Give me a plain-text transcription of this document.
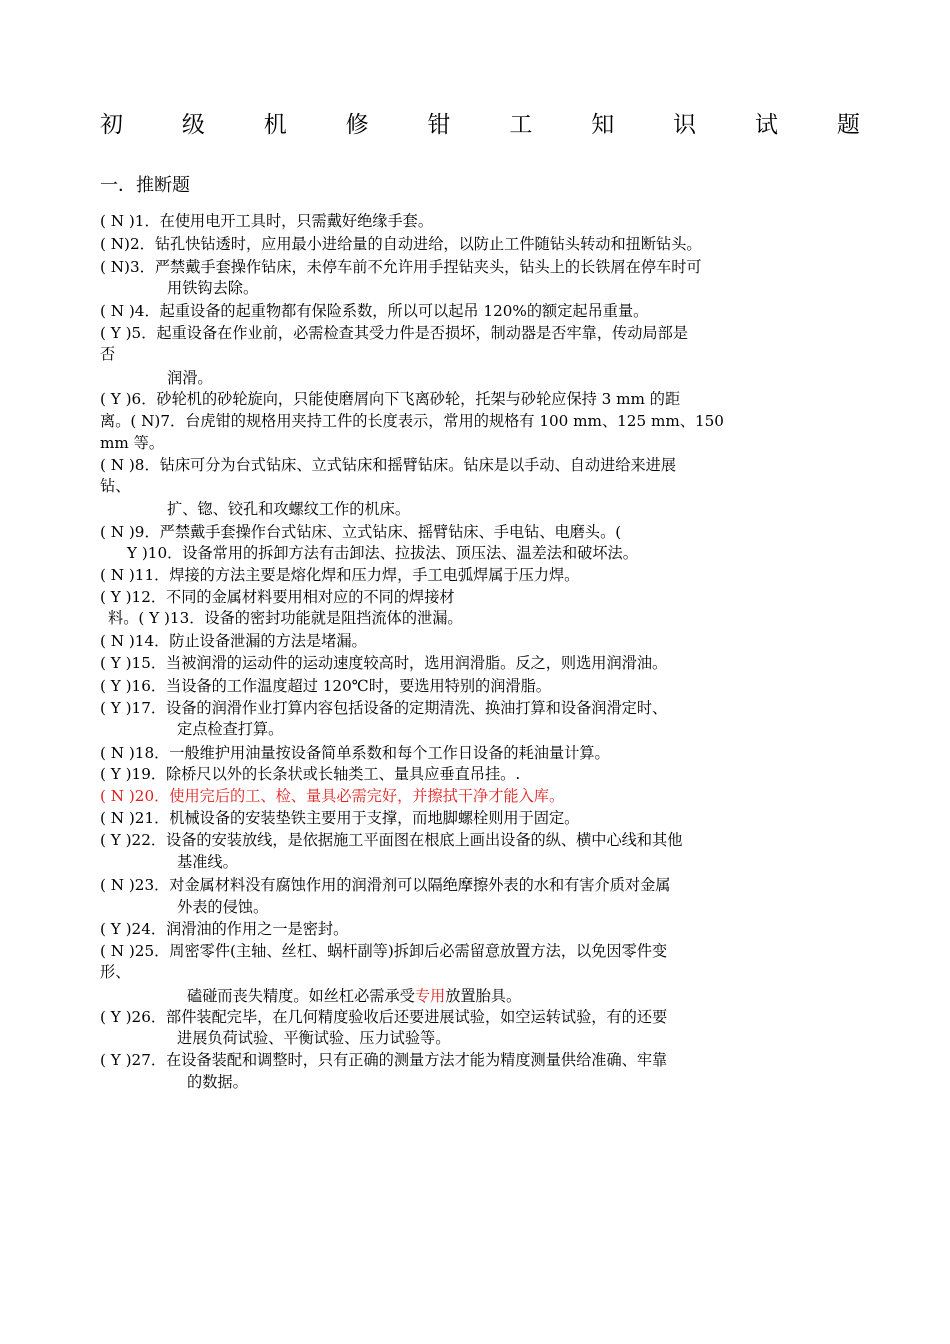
初	级	机	修	钳	工	知	识	试	题
一．推断题
( N )1．在使用电开工具时，只需戴好绝缘手套。
( N)2．钻孔快钻透时，应用最小进给量的自动进给，以防止工件随钻头转动和扭断钻头。
( N)3．严禁戴手套操作钻床，未停车前不允许用手捏钻夹头，钻头上的长铁屑在停车时可
用铁钩去除。
( N )4．起重设备的起重物都有保险系数，所以可以起吊 120%的额定起吊重量。
( Y )5．起重设备在作业前，必需检查其受力件是否损坏，制动器是否牢靠，传动局部是
否
润滑。
( Y )6．砂轮机的砂轮旋向，只能使磨屑向下飞离砂轮，托架与砂轮应保持 3 mm 的距
离。( N)7．台虎钳的规格用夹持工件的长度表示，常用的规格有 100 mm、125 mm、150
mm 等。
( N )8．钻床可分为台式钻床、立式钻床和摇臂钻床。钻床是以手动、自动进给来进展
钻、
扩、锪、铰孔和攻螺纹工作的机床。
( N )9．严禁戴手套操作台式钻床、立式钻床、摇臂钻床、手电钻、电磨头。(
Y )10．设备常用的拆卸方法有击卸法、拉拔法、顶压法、温差法和破坏法。
( N )11．焊接的方法主要是熔化焊和压力焊，手工电弧焊属于压力焊。
( Y )12．不同的金属材料要用相对应的不同的焊接材
料。( Y )13．设备的密封功能就是阻挡流体的泄漏。
( N )14．防止设备泄漏的方法是堵漏。
( Y )15．当被润滑的运动件的运动速度较高时，选用润滑脂。反之，则选用润滑油。
( Y )16．当设备的工作温度超过 120℃时，要选用特别的润滑脂。
( Y )17．设备的润滑作业打算内容包括设备的定期清洗、换油打算和设备润滑定时、
定点检查打算。
( N )18．一般维护用油量按设备简单系数和每个工作日设备的耗油量计算。
( Y )19．除桥尺以外的长条状或长轴类工、量具应垂直吊挂。.
( N )20．使用完后的工、检、量具必需完好，并擦拭干净才能入库。
( N )21．机械设备的安装垫铁主要用于支撑，而地脚螺栓则用于固定。
( Y )22．设备的安装放线，是依据施工平面图在根底上画出设备的纵、横中心线和其他
基准线。
( N )23．对金属材料没有腐蚀作用的润滑剂可以隔绝摩擦外表的水和有害介质对金属
外表的侵蚀。
( Y )24．润滑油的作用之一是密封。
( N )25．周密零件(主轴、丝杠、蜗杆副等)拆卸后必需留意放置方法，以免因零件变
形、
磕碰而丧失精度。如丝杠必需承受专用放置胎具。
( Y )26．部件装配完毕，在几何精度验收后还要进展试验，如空运转试验，有的还要
进展负荷试验、平衡试验、压力试验等。
( Y )27．在设备装配和调整时，只有正确的测量方法才能为精度测量供给准确、牢靠
的数据。
